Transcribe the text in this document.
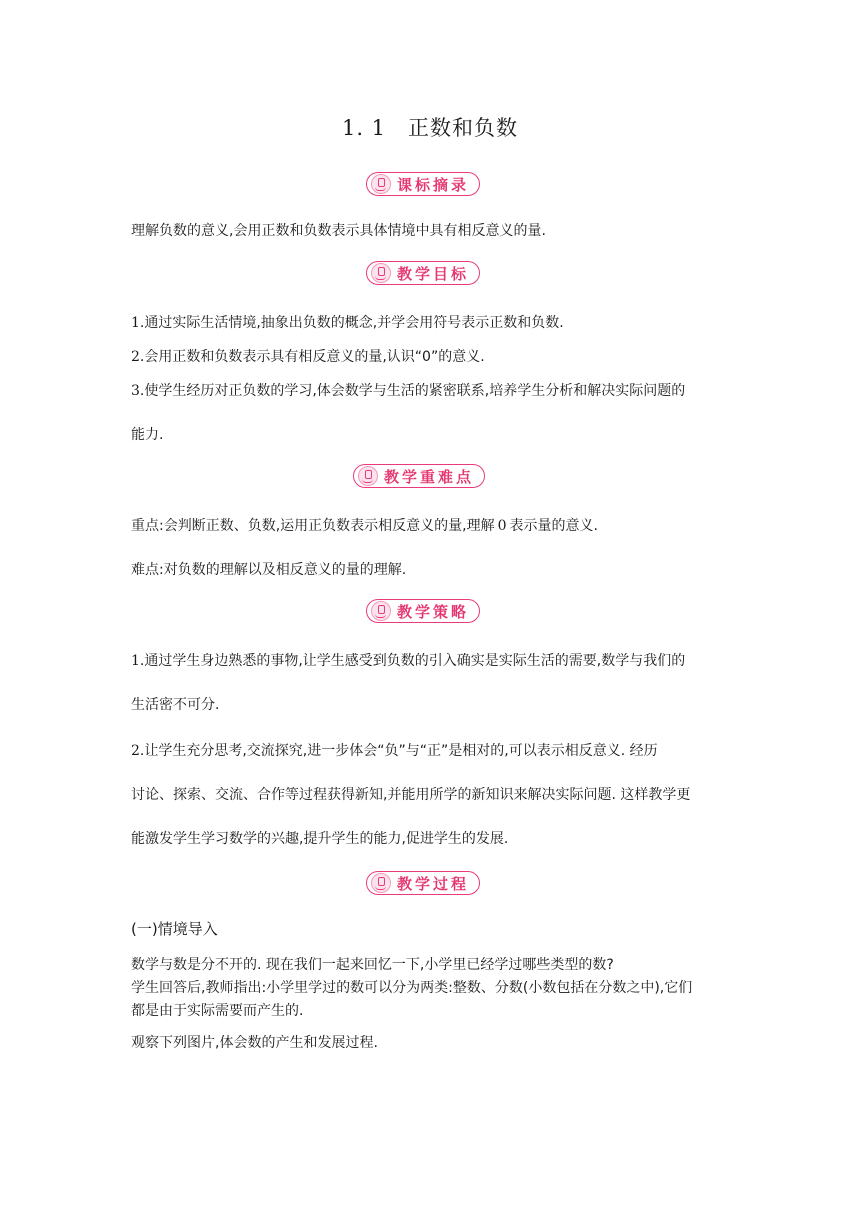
1. 1 正数和负数
课标摘录
理解负数的意义,会用正数和负数表示具体情境中具有相反意义的量.
教学目标
1.通过实际生活情境,抽象出负数的概念,并学会用符号表示正数和负数.
2.会用正数和负数表示具有相反意义的量,认识“0”的意义.
3.使学生经历对正负数的学习,体会数学与生活的紧密联系,培养学生分析和解决实际问题的
能力.
教学重难点
重点:会判断正数、负数,运用正负数表示相反意义的量,理解 0 表示量的意义.
难点:对负数的理解以及相反意义的量的理解.
教学策略
1.通过学生身边熟悉的事物,让学生感受到负数的引入确实是实际生活的需要,数学与我们的
生活密不可分.
2.让学生充分思考,交流探究,进一步体会“负”与“正”是相对的,可以表示相反意义. 经历
讨论、探索、交流、合作等过程获得新知,并能用所学的新知识来解决实际问题. 这样教学更
能激发学生学习数学的兴趣,提升学生的能力,促进学生的发展.
教学过程
(一)情境导入
数学与数是分不开的. 现在我们一起来回忆一下,小学里已经学过哪些类型的数?
学生回答后,教师指出:小学里学过的数可以分为两类:整数、分数(小数包括在分数之中),它们
都是由于实际需要而产生的.
观察下列图片,体会数的产生和发展过程.
